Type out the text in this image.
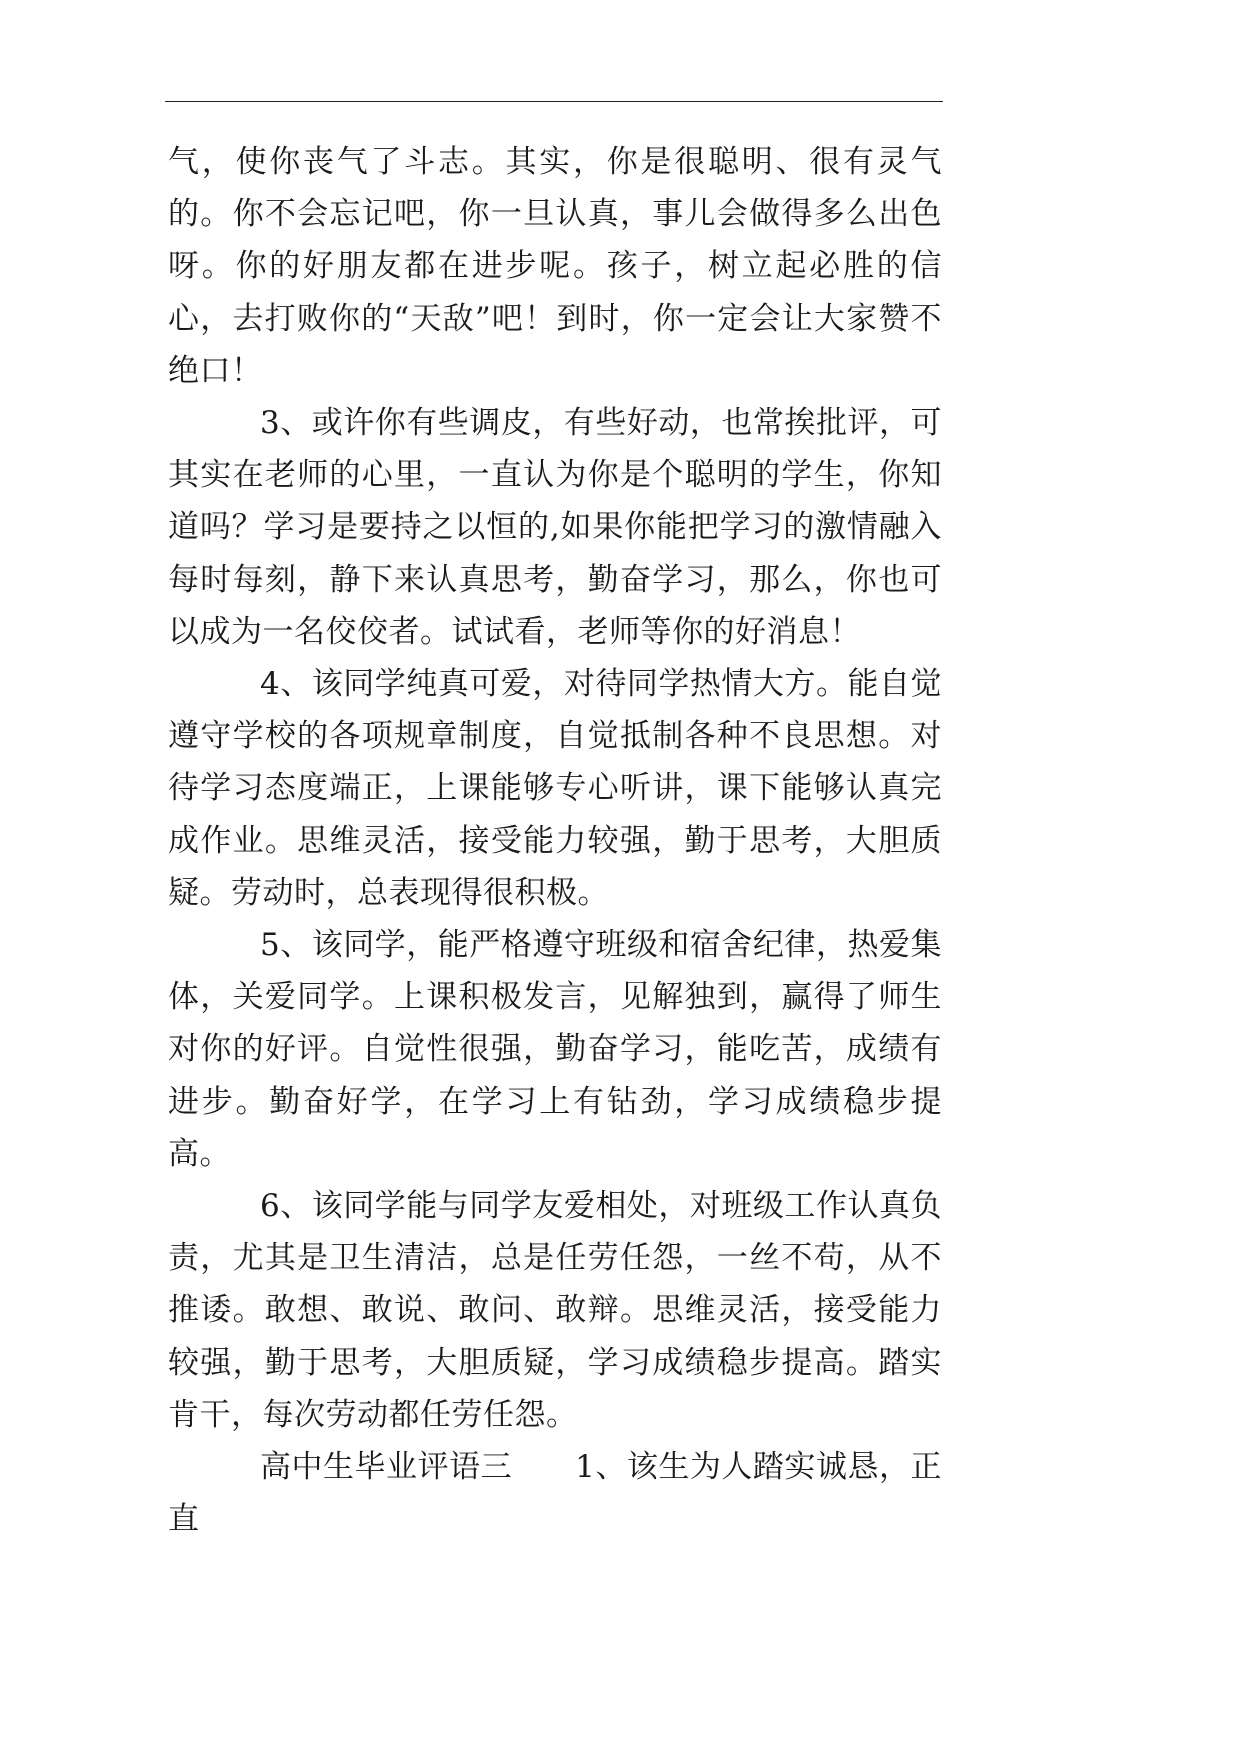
气，使你丧气了斗志。其实，你是很聪明、很有灵气的。你不会忘记吧，你一旦认真，事儿会做得多么出色呀。你的好朋友都在进步呢。孩子，树立起必胜的信心，去打败你的“天敌”吧！到时，你一定会让大家赞不绝口！

3、或许你有些调皮，有些好动，也常挨批评，可其实在老师的心里，一直认为你是个聪明的学生，你知道吗？学习是要持之以恒的,如果你能把学习的激情融入每时每刻，静下来认真思考，勤奋学习，那么，你也可以成为一名佼佼者。试试看，老师等你的好消息！

4、该同学纯真可爱，对待同学热情大方。能自觉遵守学校的各项规章制度，自觉抵制各种不良思想。对待学习态度端正，上课能够专心听讲，课下能够认真完成作业。思维灵活，接受能力较强，勤于思考，大胆质疑。劳动时，总表现得很积极。

5、该同学，能严格遵守班级和宿舍纪律，热爱集体，关爱同学。上课积极发言，见解独到，赢得了师生对你的好评。自觉性很强，勤奋学习，能吃苦，成绩有进步。勤奋好学，在学习上有钻劲，学习成绩稳步提高。

6、该同学能与同学友爱相处，对班级工作认真负责，尤其是卫生清洁，总是任劳任怨，一丝不苟，从不推诿。敢想、敢说、敢问、敢辩。思维灵活，接受能力较强，勤于思考，大胆质疑，学习成绩稳步提高。踏实肯干，每次劳动都任劳任怨。

高中生毕业评语三　　1、该生为人踏实诚恳，正直
